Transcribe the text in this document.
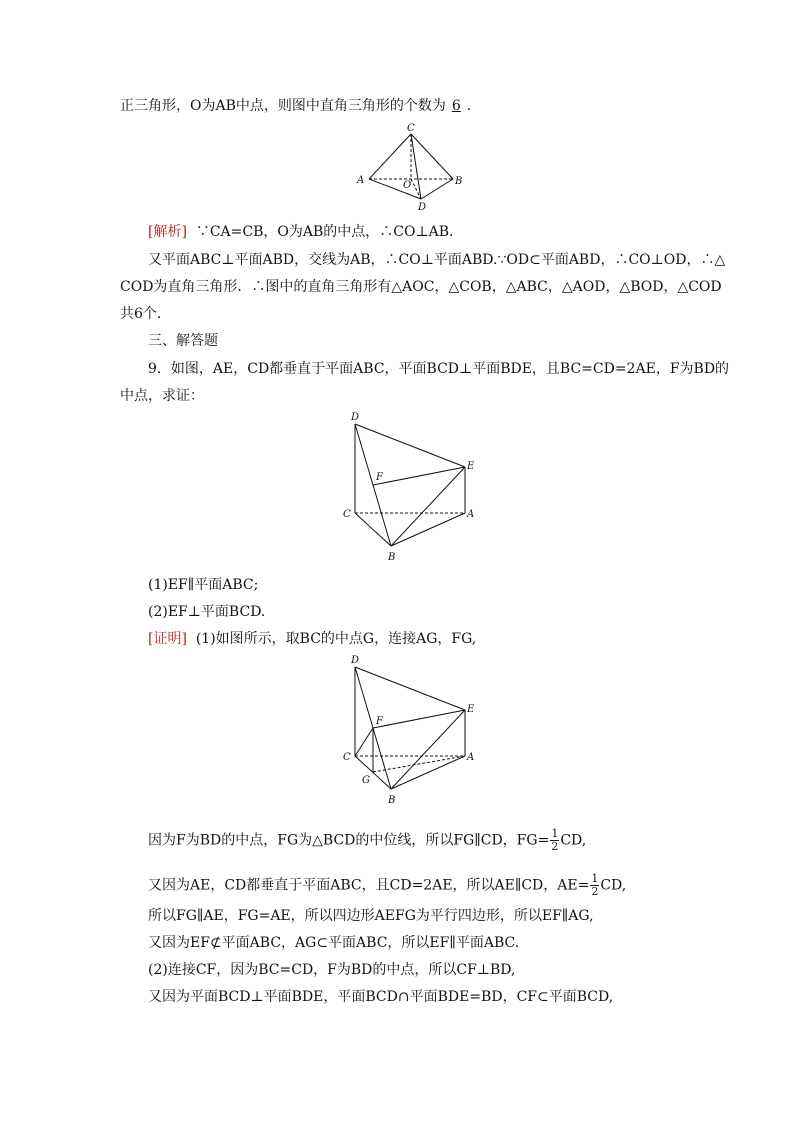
正三角形，O为AB中点，则图中直角三角形的个数为 6 .
C
A	B
O
D
[解析] ∵CA=CB，O为AB的中点，∴CO⊥AB.
又平面ABC⊥平面ABD，交线为AB，∴CO⊥平面ABD.∵OD⊂平面ABD，∴CO⊥OD，∴△
COD为直角三角形．∴图中的直角三角形有△AOC，△COB，△ABC，△AOD，△BOD，△COD
共6个．
三、解答题
9．如图，AE，CD都垂直于平面ABC，平面BCD⊥平面BDE，且BC=CD=2AE，F为BD的
中点，求证：
D
E
F
C	A
B
(1)EF∥平面ABC;
(2)EF⊥平面BCD.
[证明] (1)如图所示，取BC的中点G，连接AG，FG,
D
E
F
C	A
G
B
因为F为BD的中点，FG为△BCD的中位线，所以FG∥CD，$FG= \frac{1}{2}$ CD,
又因为AE，CD都垂直于平面ABC，且CD=2AE，所以AE∥CD，$AE= \frac{1}{2}$ CD,
所以FG∥AE，FG=AE，所以四边形AEFG为平行四边形，所以EF∥AG,
又因为EF⊄平面ABC，AG⊂平面ABC，所以EF∥平面ABC.
(2)连接CF，因为BC=CD，F为BD的中点，所以CF⊥BD,
又因为平面BCD⊥平面BDE，平面BCD∩平面BDE=BD，CF⊂平面BCD,
